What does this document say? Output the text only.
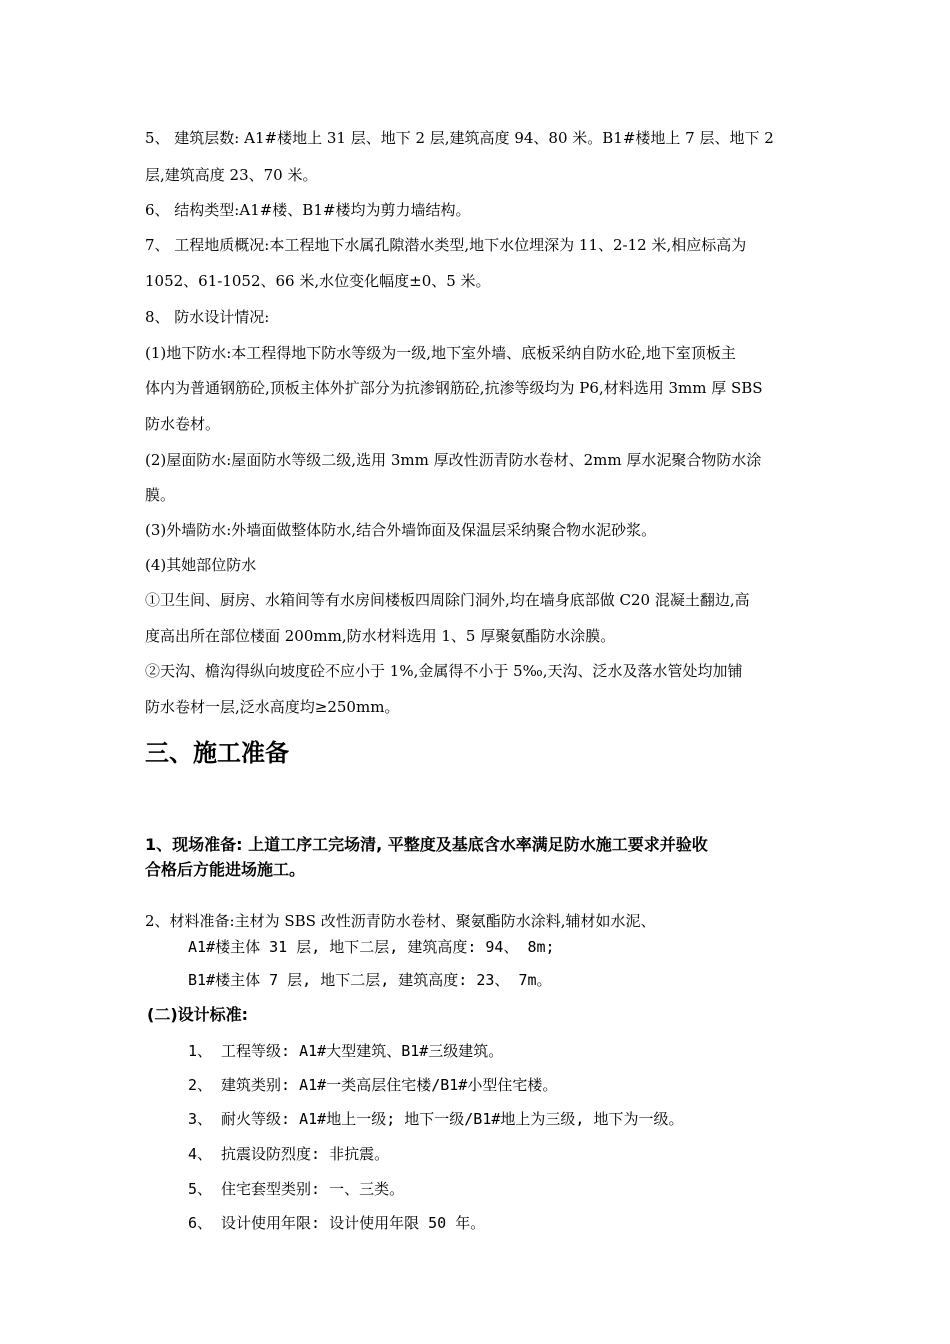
5、 建筑层数: A1#楼地上 31 层、地下 2 层,建筑高度 94、80 米。B1#楼地上 7 层、地下 2
层,建筑高度 23、70 米。
6、 结构类型:A1#楼、B1#楼均为剪力墙结构。
7、 工程地质概况:本工程地下水属孔隙潜水类型,地下水位埋深为 11、2-12 米,相应标高为
1052、61-1052、66 米,水位变化幅度±0、5 米。
8、 防水设计情况:
(1)地下防水:本工程得地下防水等级为一级,地下室外墙、底板采纳自防水砼,地下室顶板主
体内为普通钢筋砼,顶板主体外扩部分为抗渗钢筋砼,抗渗等级均为 P6,材料选用 3mm 厚 SBS
防水卷材。
(2)屋面防水:屋面防水等级二级,选用 3mm 厚改性沥青防水卷材、2mm 厚水泥聚合物防水涂
膜。
(3)外墙防水:外墙面做整体防水,结合外墙饰面及保温层采纳聚合物水泥砂浆。
(4)其她部位防水
①卫生间、厨房、水箱间等有水房间楼板四周除门洞外,均在墙身底部做 C20 混凝土翻边,高
度高出所在部位楼面 200mm,防水材料选用 1、5 厚聚氨酯防水涂膜。
②天沟、檐沟得纵向坡度砼不应小于 1%,金属得不小于 5‰,天沟、泛水及落水管处均加铺
防水卷材一层,泛水高度均≥250mm。
三、施工准备
1、现场准备: 上道工序工完场清, 平整度及基底含水率满足防水施工要求并验收
合格后方能进场施工。
2、材料准备:主材为 SBS 改性沥青防水卷材、聚氨酯防水涂料,辅材如水泥、
A1#楼主体 31 层, 地下二层, 建筑高度: 94、 8m;
B1#楼主体 7 层, 地下二层, 建筑高度: 23、 7m。
(二)设计标准:
1、 工程等级: A1#大型建筑、B1#三级建筑。
2、 建筑类别: A1#一类高层住宅楼/B1#小型住宅楼。
3、 耐火等级: A1#地上一级; 地下一级/B1#地上为三级, 地下为一级。
4、 抗震设防烈度: 非抗震。
5、 住宅套型类别: 一、三类。
6、 设计使用年限: 设计使用年限 50 年。
